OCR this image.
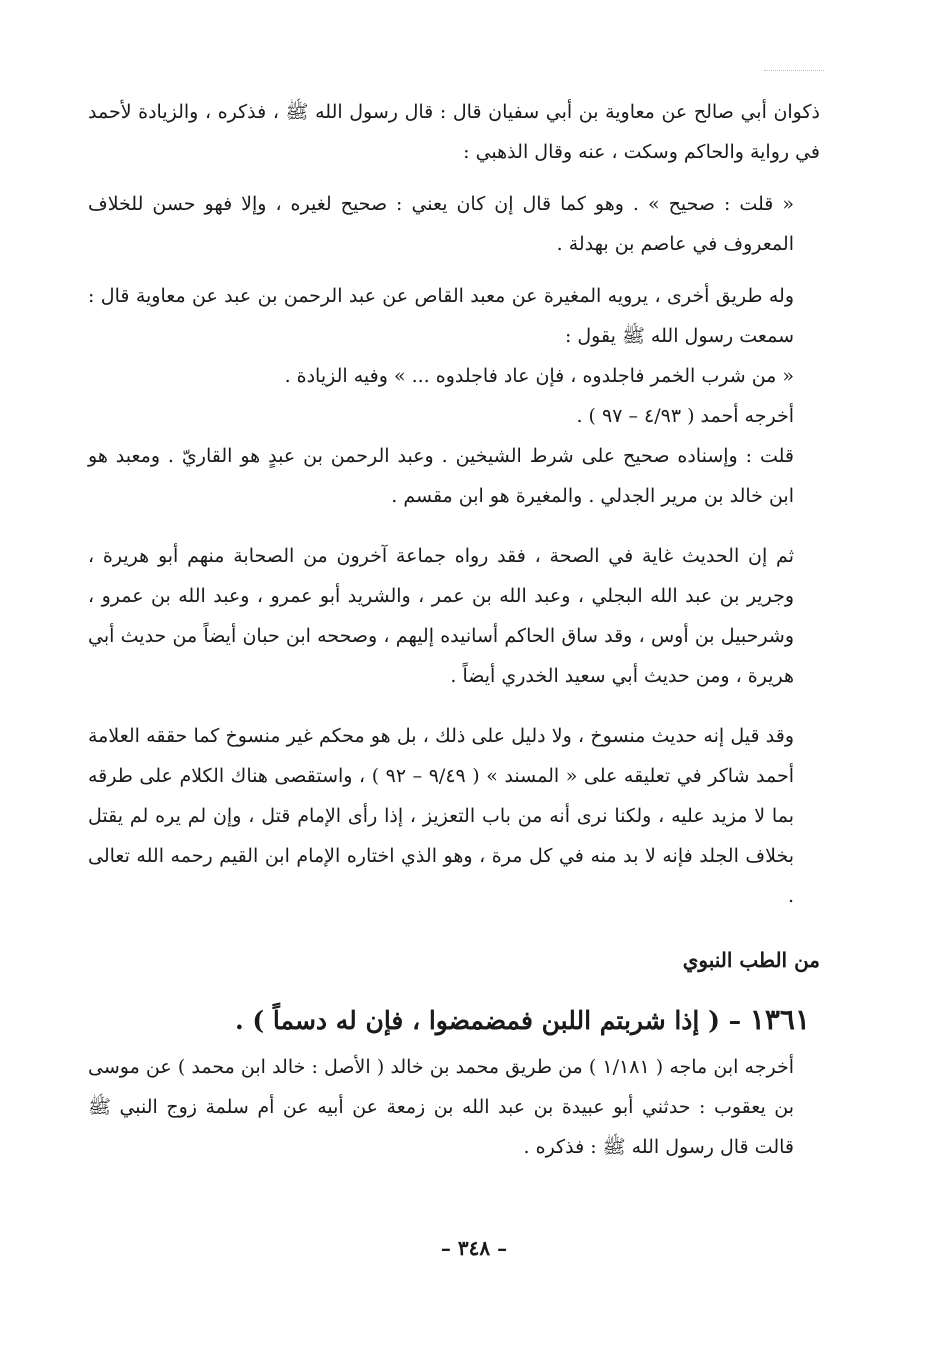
ذكوان أبي صالح عن معاوية بن أبي سفيان قال : قال رسول الله ﷺ ، فذكره ، والزيادة لأحمد في رواية والحاكم وسكت ، عنه وقال الذهبي :

« قلت : صحيح » . وهو كما قال إن كان يعني : صحيح لغيره ، وإلا فهو حسن للخلاف المعروف في عاصم بن بهدلة .

وله طريق أخرى ، يرويه المغيرة عن معبد القاص عن عبد الرحمن بن عبد عن معاوية قال : سمعت رسول الله ﷺ يقول :

« من شرب الخمر فاجلدوه ، فإن عاد فاجلدوه ... » وفيه الزيادة .

أخرجه أحمد ( ٤/٩٣ – ٩٧ ) .

قلت : وإسناده صحيح على شرط الشيخين . وعبد الرحمن بن عبدٍ هو القاريّ . ومعبد هو ابن خالد بن مرير الجدلي . والمغيرة هو ابن مقسم .

ثم إن الحديث غاية في الصحة ، فقد رواه جماعة آخرون من الصحابة منهم أبو هريرة ، وجرير بن عبد الله البجلي ، وعبد الله بن عمر ، والشريد أبو عمرو ، وعبد الله بن عمرو ، وشرحبيل بن أوس ، وقد ساق الحاكم أسانيده إليهم ، وصححه ابن حبان أيضاً من حديث أبي هريرة ، ومن حديث أبي سعيد الخدري أيضاً .

وقد قيل إنه حديث منسوخ ، ولا دليل على ذلك ، بل هو محكم غير منسوخ كما حققه العلامة أحمد شاكر في تعليقه على « المسند » ( ٩/٤٩ – ٩٢ ) ، واستقصى هناك الكلام على طرقه بما لا مزيد عليه ، ولكنا نرى أنه من باب التعزيز ، إذا رأى الإمام قتل ، وإن لم يره لم يقتل بخلاف الجلد فإنه لا بد منه في كل مرة ، وهو الذي اختاره الإمام ابن القيم رحمه الله تعالى .

من الطب النبوي
١٣٦١ – ( إذا شربتم اللبن فمضمضوا ، فإن له دسماً ) .

أخرجه ابن ماجه ( ١/١٨١ ) من طريق محمد بن خالد ( الأصل : خالد ابن محمد ) عن موسى بن يعقوب : حدثني أبو عبيدة بن عبد الله بن زمعة عن أبيه عن أم سلمة زوج النبي ﷺ قالت قال رسول الله ﷺ : فذكره .

– ٣٤٨ –
